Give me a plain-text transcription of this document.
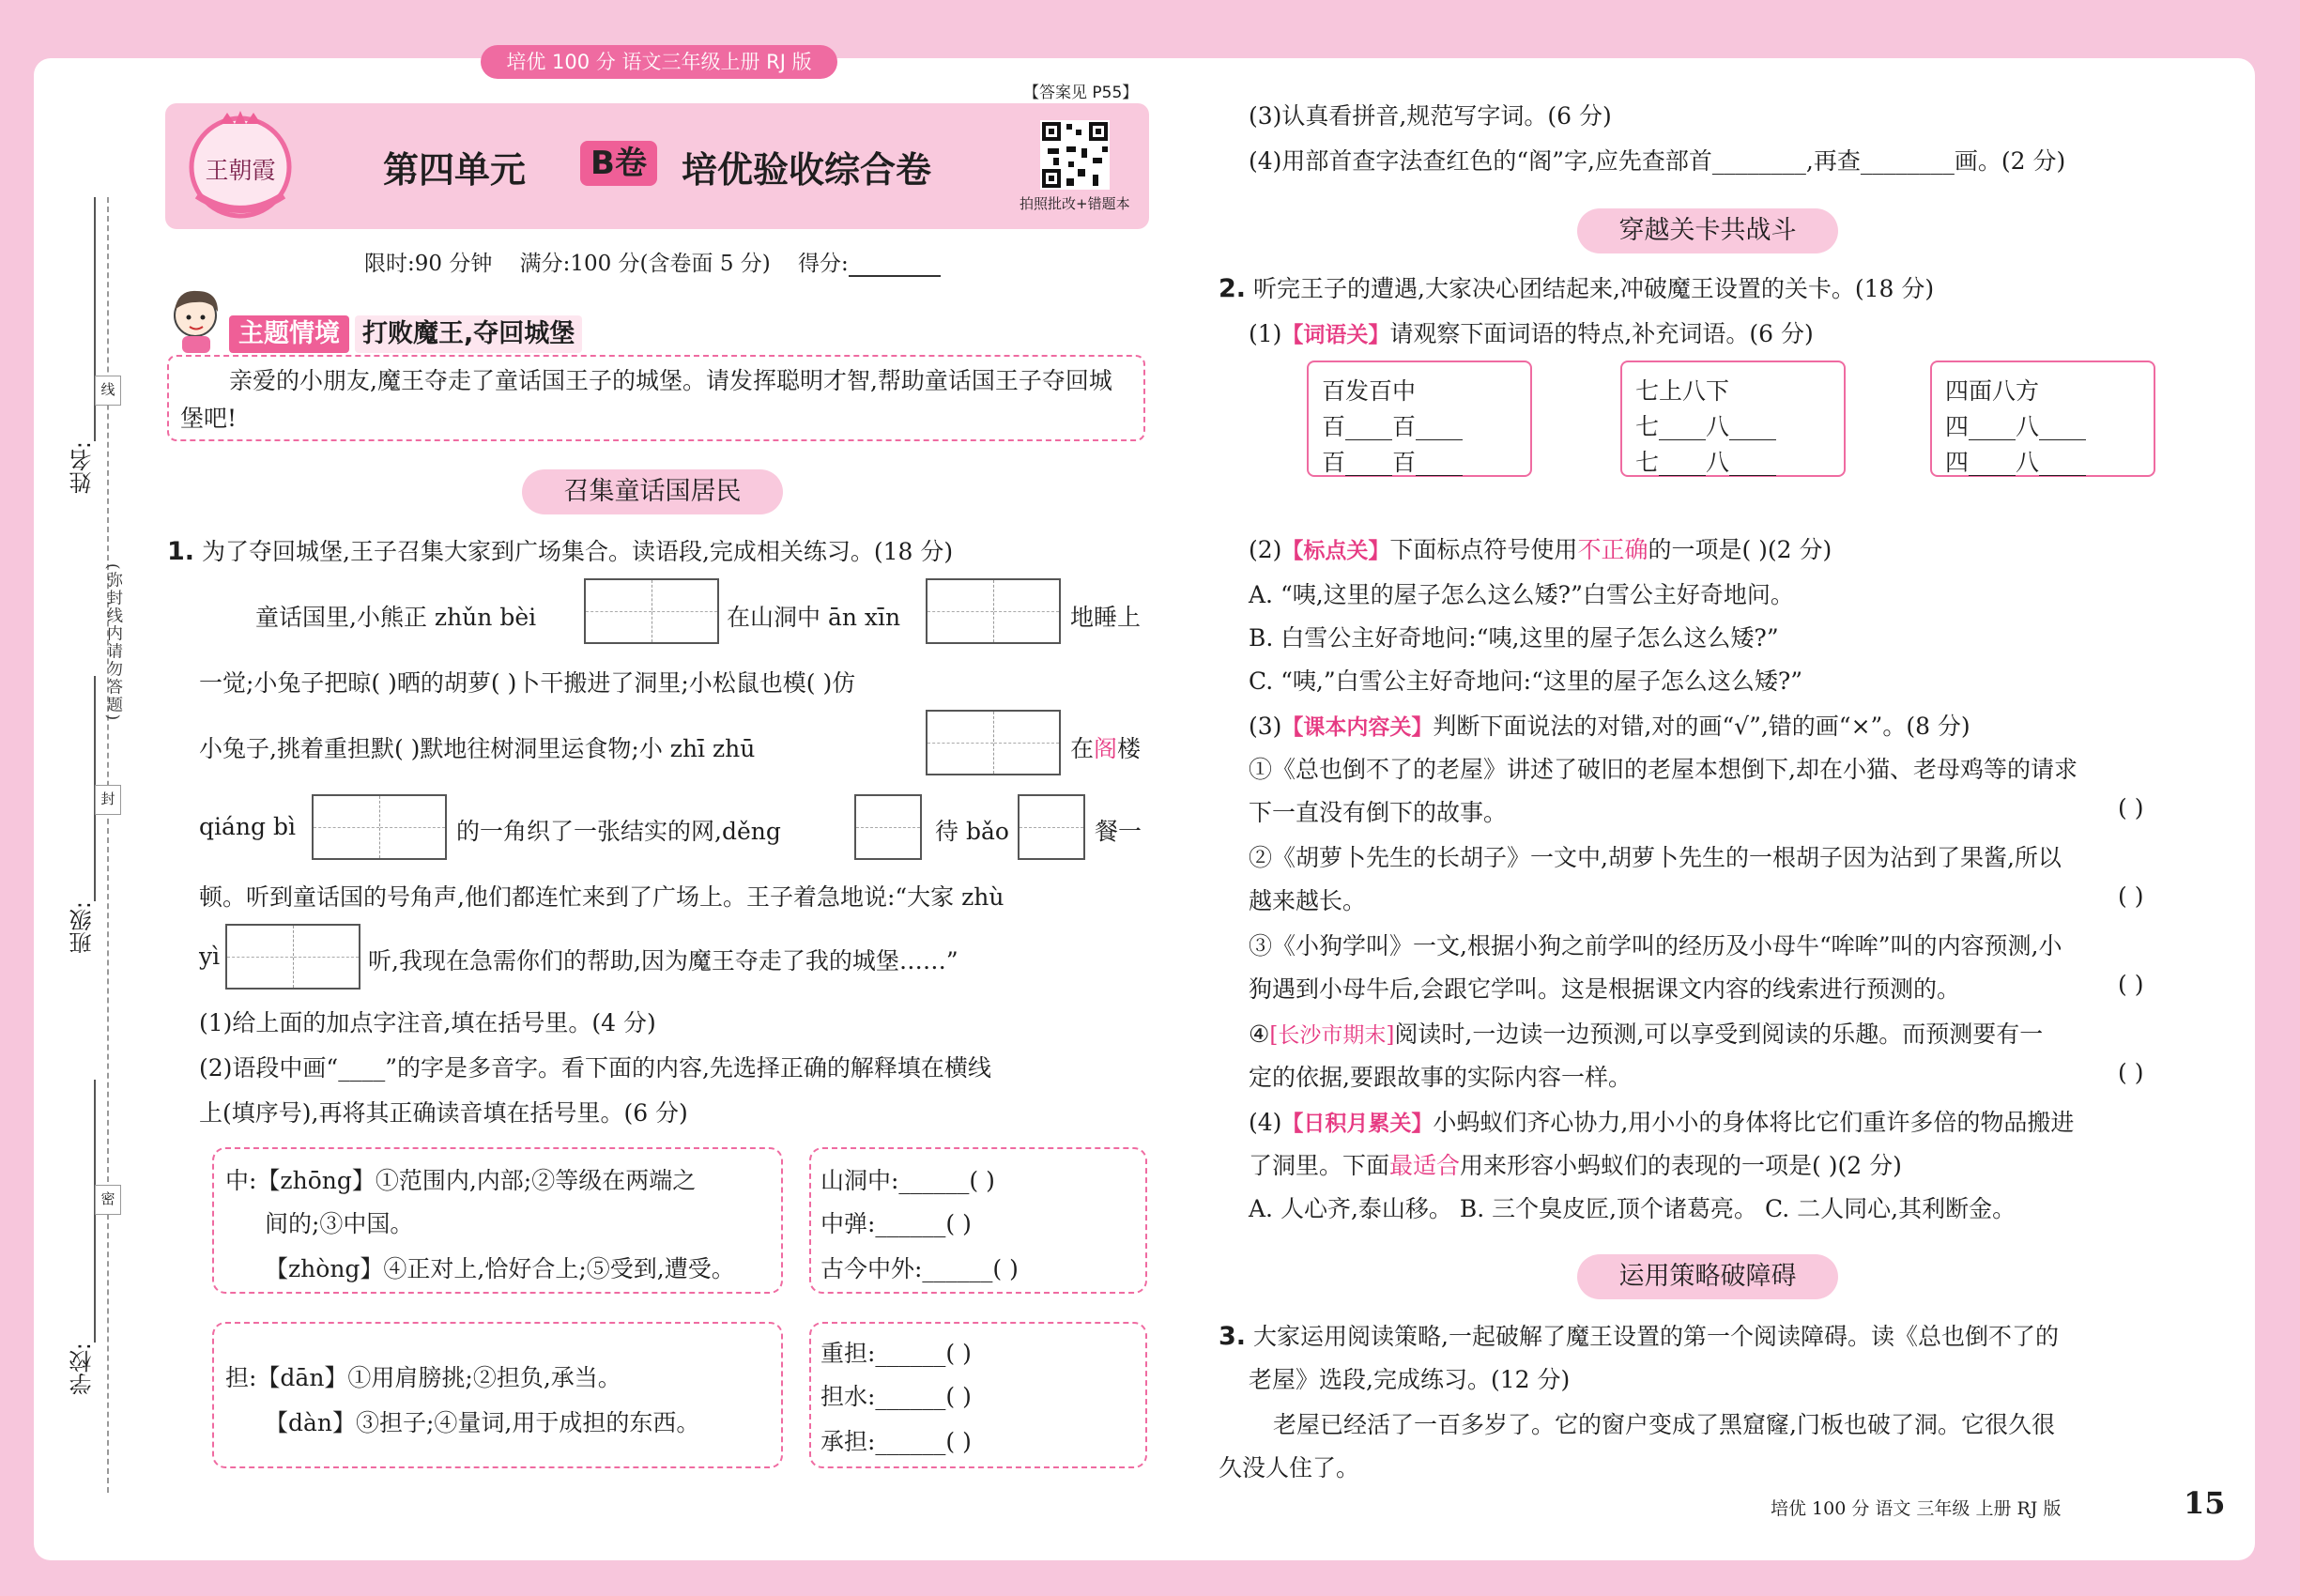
培优 100 分 语文三年级上册 RJ 版
姓名:
班级:
学校:
线
封
密
(弥封线内请勿答题)
王朝霞	第四单元	B卷 培优验收综合卷
【答案见 P55】
拍照批改+错题本
限时:90 分钟 满分:100 分(含卷面 5 分) 得分:
主题情境 打败魔王,夺回城堡
亲爱的小朋友,魔王夺走了童话国王子的城堡。请发挥聪明才智,帮助童话国王子夺回城堡吧!
召集童话国居民
1. 为了夺回城堡,王子召集大家到广场集合。读语段,完成相关练习。(18 分)
童话国里,小熊正 zhǔn bèi	在山洞中 ān xīn	地睡上
一觉;小兔子把晾( )晒的胡萝( )卜干搬进了洞里;小松鼠也模( )仿
小兔子,挑着重担默( )默地往树洞里运食物;小 zhī zhū	在阁楼
qiáng bì	的一角织了一张结实的网,děng	待 bǎo	餐一
顿。听到童话国的号角声,他们都连忙来到了广场上。王子着急地说:“大家 zhù
yì	听,我现在急需你们的帮助,因为魔王夺走了我的城堡……”
(1)给上面的加点字注音,填在括号里。(4 分)
(2)语段中画“____”的字是多音字。看下面的内容,先选择正确的解释填在横线
上(填序号),再将其正确读音填在括号里。(6 分)
中:【zhōng】①范围内,内部;②等级在两端之
间的;③中国。
【zhòng】④正对上,恰好合上;⑤受到,遭受。
山洞中:______( )
中弹:______( )
古今中外:______( )
担:【dān】①用肩膀挑;②担负,承当。
【dàn】③担子;④量词,用于成担的东西。
重担:______( )
担水:______( )
承担:______( )
(3)认真看拼音,规范写字词。(6 分)
(4)用部首查字法查红色的“阁”字,应先查部首________,再查________画。(2 分)
穿越关卡共战斗
2. 听完王子的遭遇,大家决心团结起来,冲破魔王设置的关卡。(18 分)
(1)【词语关】请观察下面词语的特点,补充词语。(6 分)
百发百中
百____百____
百____百____
七上八下
七____八____
七____八____
四面八方
四____八____
四____八____
(2)【标点关】下面标点符号使用不正确的一项是( )(2 分)
A. “咦,这里的屋子怎么这么矮?”白雪公主好奇地问。
B. 白雪公主好奇地问:“咦,这里的屋子怎么这么矮?”
C. “咦,”白雪公主好奇地问:“这里的屋子怎么这么矮?”
(3)【课本内容关】判断下面说法的对错,对的画“√”,错的画“×”。(8 分)
①《总也倒不了的老屋》讲述了破旧的老屋本想倒下,却在小猫、老母鸡等的请求
下一直没有倒下的故事。	( )
②《胡萝卜先生的长胡子》一文中,胡萝卜先生的一根胡子因为沾到了果酱,所以
越来越长。	( )
③《小狗学叫》一文,根据小狗之前学叫的经历及小母牛“哞哞”叫的内容预测,小
狗遇到小母牛后,会跟它学叫。这是根据课文内容的线索进行预测的。	( )
④[长沙市期末]阅读时,一边读一边预测,可以享受到阅读的乐趣。而预测要有一
定的依据,要跟故事的实际内容一样。	( )
(4)【日积月累关】小蚂蚁们齐心协力,用小小的身体将比它们重许多倍的物品搬进
了洞里。下面最适合用来形容小蚂蚁们的表现的一项是( )(2 分)
A. 人心齐,泰山移。 B. 三个臭皮匠,顶个诸葛亮。 C. 二人同心,其利断金。
运用策略破障碍
3. 大家运用阅读策略,一起破解了魔王设置的第一个阅读障碍。读《总也倒不了的
老屋》选段,完成练习。(12 分)
老屋已经活了一百多岁了。它的窗户变成了黑窟窿,门板也破了洞。它很久很
久没人住了。
培优 100 分 语文 三年级 上册 RJ 版	15
